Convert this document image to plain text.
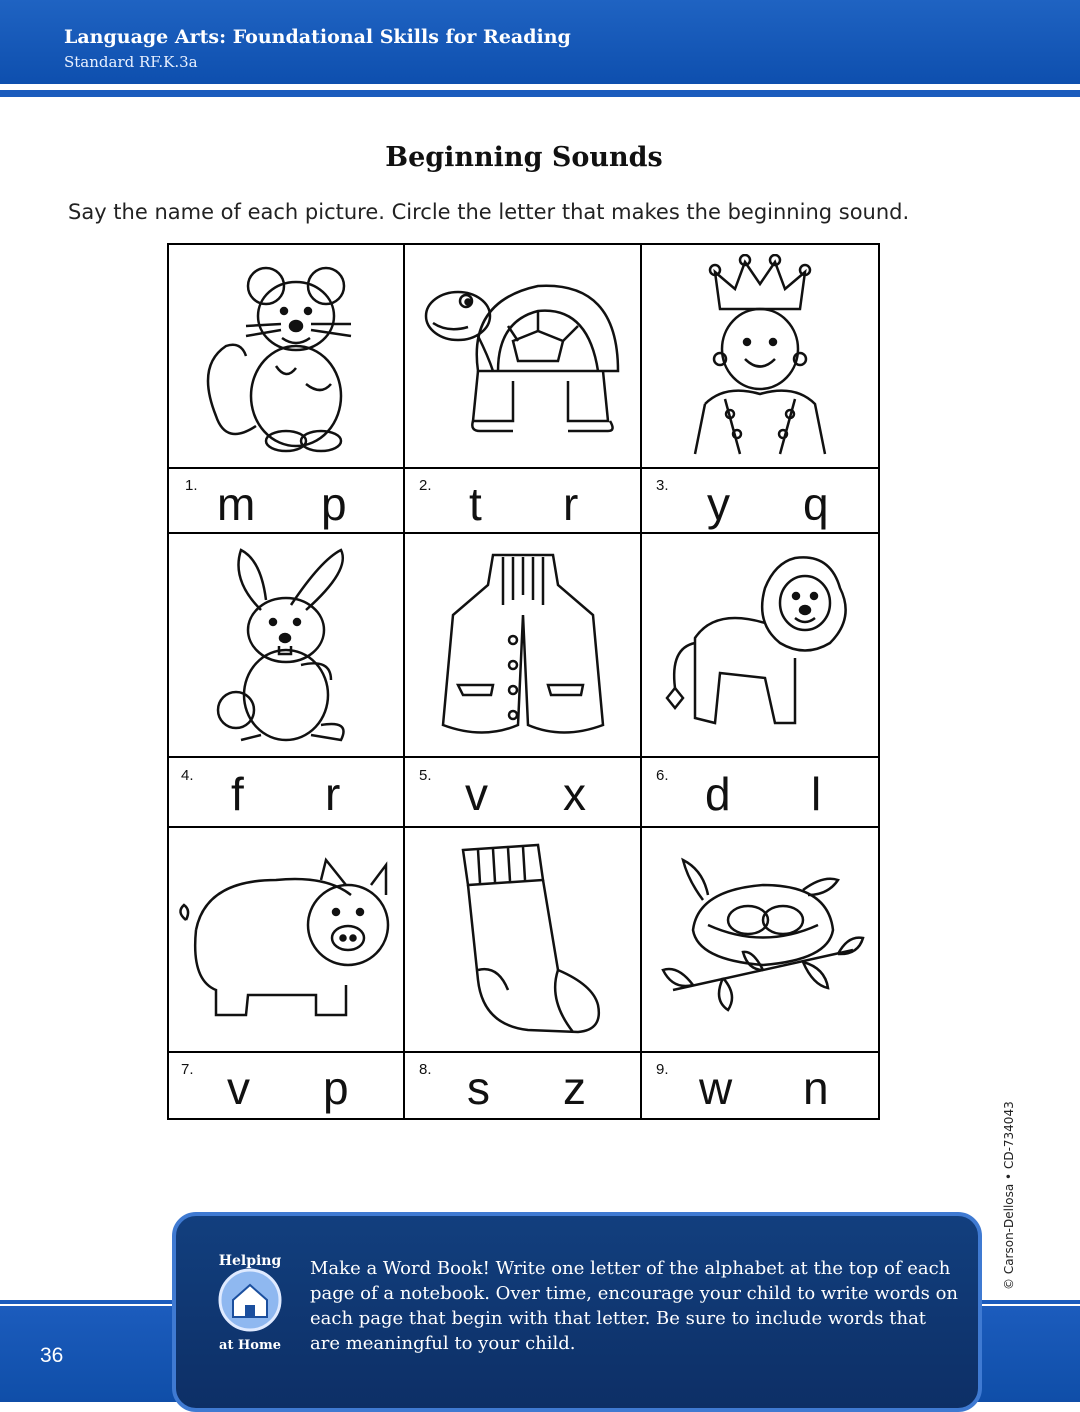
Language Arts: Foundational Skills for Reading
Standard RF.K.3a
Beginning Sounds
Say the name of each picture. Circle the letter that makes the beginning sound.
1. m p	2. t r	3. y q
4. f r	5. v x	6. d l
7. v p	8. s z	9. w n
© Carson-Dellosa • CD-734043
36
Helping
at Home
Make a Word Book! Write one letter of the alphabet at the top of each page of a notebook. Over time, encourage your child to write words on each page that begin with that letter. Be sure to include words that are meaningful to your child.
